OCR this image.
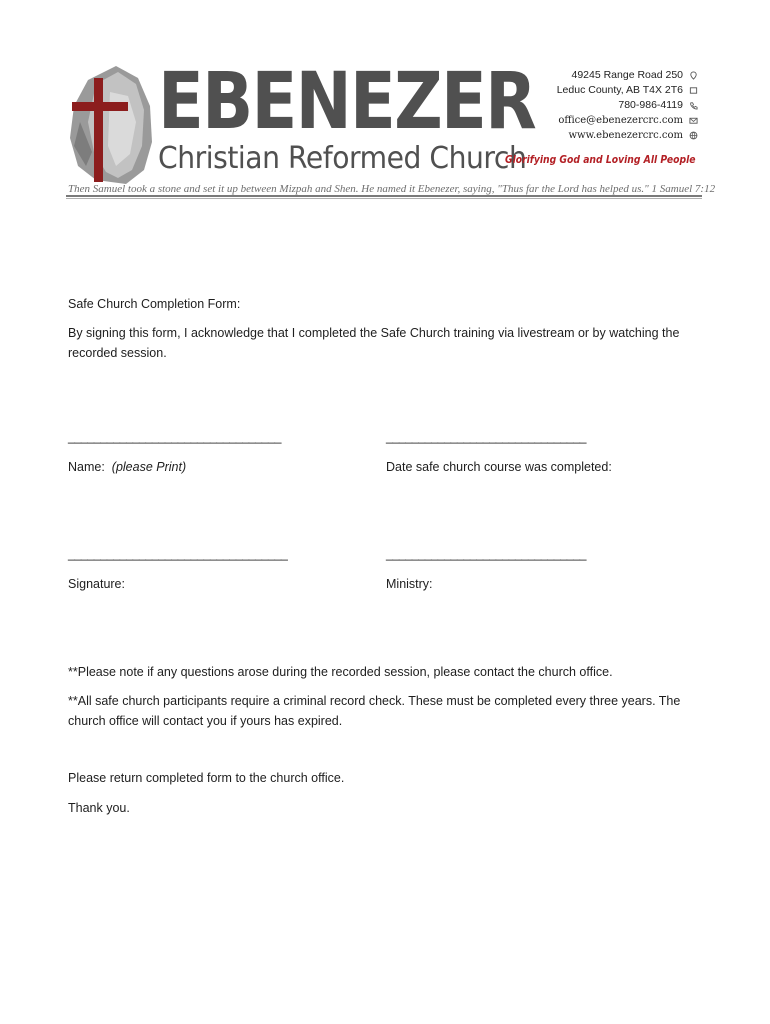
EBENEZER
Christian Reformed Church
49245 Range Road 250
Leduc County, AB T4X 2T6
780-986-4119
office@ebenezercrc.com
www.ebenezercrc.com
Glorifying God and Loving All People
Then Samuel took a stone and set it up between Mizpah and Shen. He named it Ebenezer, saying, "Thus far the Lord has helped us." 1 Samuel 7:12
Safe Church Completion Form:
By signing this form, I acknowledge that I completed the Safe Church training via livestream or by watching the recorded session.
_________________________________	_______________________________
Name: (please Print)	Date safe church course was completed:
__________________________________	_______________________________
Signature:	Ministry:
**Please note if any questions arose during the recorded session, please contact the church office.
**All safe church participants require a criminal record check. These must be completed every three years. The church office will contact you if yours has expired.
Please return completed form to the church office.
Thank you.
